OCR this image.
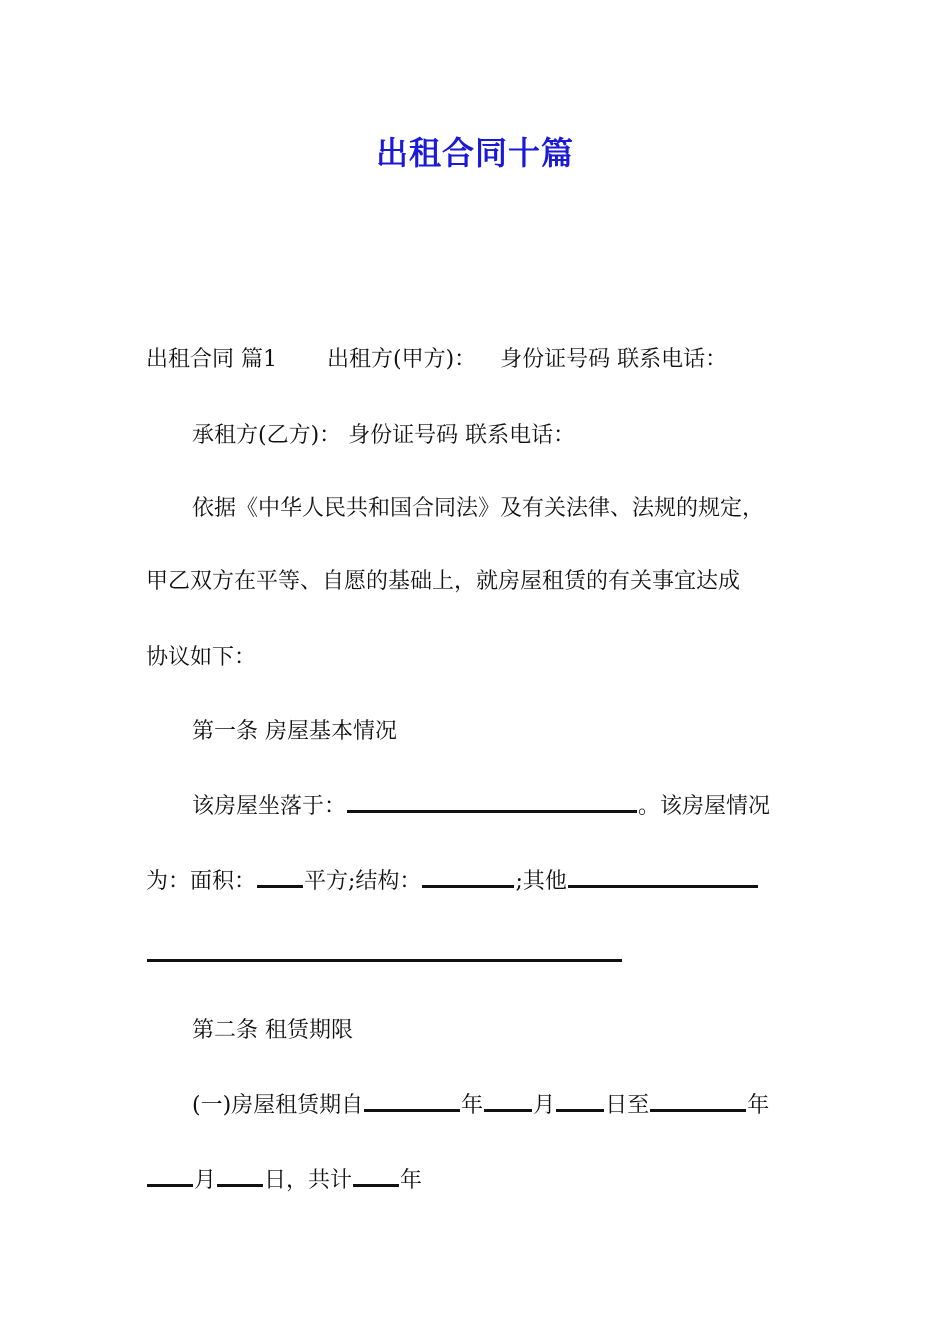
出租合同十篇
出租合同 篇1 出租方(甲方)： 身份证号码 联系电话：
承租方(乙方)： 身份证号码 联系电话：
依据《中华人民共和国合同法》及有关法律、法规的规定，
甲乙双方在平等、自愿的基础上，就房屋租赁的有关事宜达成
协议如下：
第一条 房屋基本情况
该房屋坐落于：	。该房屋情况
为：面积： 平方;结构：	;其他
第二条 租赁期限
(一)房屋租赁期自	年 月 日至	年
月 日，共计 年
